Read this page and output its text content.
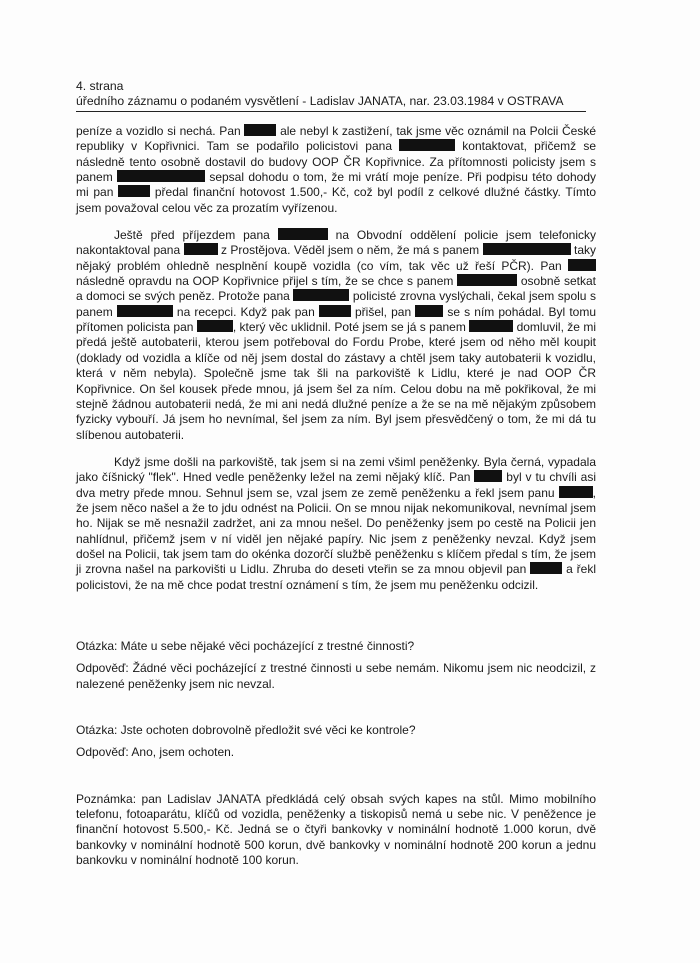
4. strana
úředního záznamu o podaném vysvětlení - Ladislav JANATA, nar. 23.03.1984 v OSTRAVA

peníze a vozidlo si nechá. Pan	ale nebyl k zastižení, tak jsme věc oznámil na Polcii České republiky v Kopřivnici. Tam se podařilo policistovi pana	kontaktovat, přičemž se následně tento osobně dostavil do budovy OOP ČR Kopřivnice. Za přítomnosti policisty jsem s panem	sepsal dohodu o tom, že mi vrátí moje peníze. Při podpisu této dohody mi pan	předal finanční hotovost 1.500,- Kč, což byl podíl z celkové dlužné částky. Tímto jsem považoval celou věc za prozatím vyřízenou.

Ještě před příjezdem pana	na Obvodní oddělení policie jsem telefonicky nakontaktoval pana	z Prostějova. Věděl jsem o něm, že má s panem	taky nějaký problém ohledně nesplnění koupě vozidla (co vím, tak věc už řeší PČR). Pan  následně opravdu na OOP Kopřivnice přijel s tím, že se chce s panem	osobně setkat a domoci se svých peněz. Protože pana	policisté zrovna vyslýchali, čekal jsem spolu s panem	na recepci. Když pak pan	přišel, pan  se s ním pohádal. Byl tomu přítomen policista pan	, který věc uklidnil. Poté jsem se já s panem	domluvil, že mi předá ještě autobaterii, kterou jsem potřeboval do Fordu Probe, které jsem od něho měl koupit (doklady od vozidla a klíče od něj jsem dostal do zástavy a chtěl jsem taky autobaterii k vozidlu, která v něm nebyla). Společně jsme tak šli na parkoviště k Lidlu, které je nad OOP ČR Kopřivnice. On šel kousek přede mnou, já jsem šel za ním. Celou dobu na mě pokřikoval, že mi stejně žádnou autobaterii nedá, že mi ani nedá dlužné peníze a že se na mě nějakým způsobem fyzicky vybouří. Já jsem ho nevnímal, šel jsem za ním. Byl jsem přesvědčený o tom, že mi dá tu slíbenou autobaterii.

Když jsme došli na parkoviště, tak jsem si na zemi všiml peněženky. Byla černá, vypadala jako číšnický "flek". Hned vedle peněženky ležel na zemi nějaký klíč. Pan  byl v tu chvíli asi dva metry přede mnou. Sehnul jsem se, vzal jsem ze země peněženku a řekl jsem panu	, že jsem něco našel a že to jdu odnést na Policii. On se mnou nijak nekomunikoval, nevnímal jsem ho. Nijak se mě nesnažil zadržet, ani za mnou nešel. Do peněženky jsem po cestě na Policii jen nahlídnul, přičemž jsem v ní viděl jen nějaké papíry. Nic jsem z peněženky nevzal. Když jsem došel na Policii, tak jsem tam do okénka dozorčí službě peněženku s klíčem předal s tím, že jsem ji zrovna našel na parkovišti u Lidlu. Zhruba do deseti vteřin se za mnou objevil pan	a řekl policistovi, že na mě chce podat trestní oznámení s tím, že jsem mu peněženku odcizil.

Otázka: Máte u sebe nějaké věci pocházející z trestné činnosti?

Odpověď: Žádné věci pocházející z trestné činnosti u sebe nemám. Nikomu jsem nic neodcizil, z nalezené peněženky jsem nic nevzal.

Otázka: Jste ochoten dobrovolně předložit své věci ke kontrole?

Odpověď: Ano, jsem ochoten.

Poznámka: pan Ladislav JANATA předkládá celý obsah svých kapes na stůl. Mimo mobilního telefonu, fotoaparátu, klíčů od vozidla, peněženky a tiskopisů nemá u sebe nic. V peněžence je finanční hotovost 5.500,- Kč. Jedná se o čtyři bankovky v nominální hodnotě 1.000 korun, dvě bankovky v nominální hodnotě 500 korun, dvě bankovky v nominální hodnotě 200 korun a jednu bankovku v nominální hodnotě 100 korun.
